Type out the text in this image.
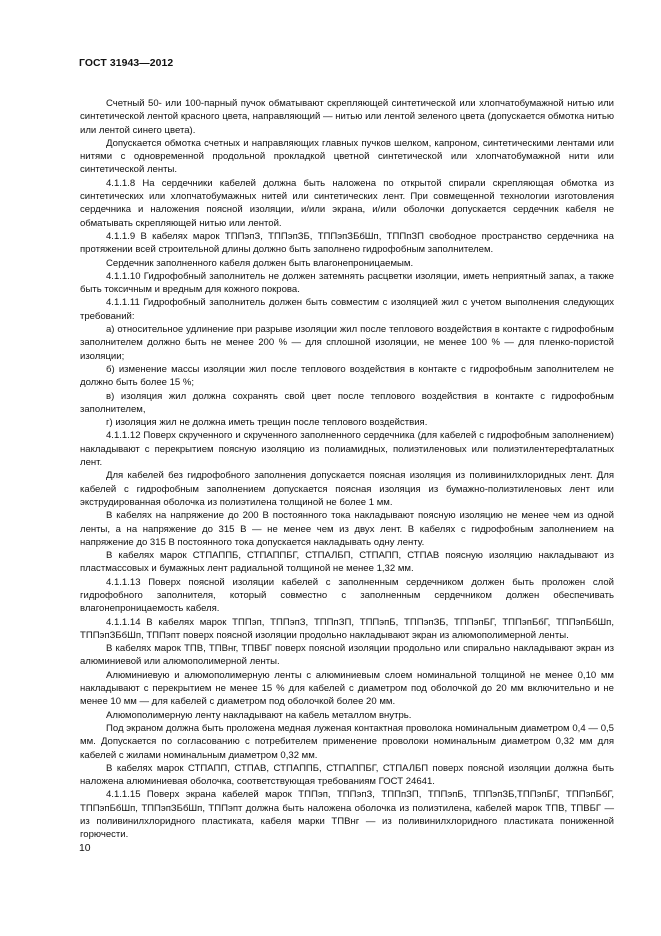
ГОСТ 31943—2012

Счетный 50- или 100-парный пучок обматывают скрепляющей синтетической или хлопчатобумажной нитью или синтетической лентой красного цвета, направляющий — нитью или лентой зеленого цвета (допускается обмотка нитью или лентой синего цвета).

Допускается обмотка счетных и направляющих главных пучков шелком, капроном, синтетическими лентами или нитями с одновременной продольной прокладкой цветной синтетической или хлопчатобумажной нити или синтетической ленты.

4.1.1.8 На сердечники кабелей должна быть наложена по открытой спирали скрепляющая обмотка из синтетических или хлопчатобумажных нитей или синтетических лент. При совмещенной технологии изготовления сердечника и наложения поясной изоляции, и/или экрана, и/или оболочки допускается сердечник кабеля не обматывать скрепляющей нитью или лентой.

4.1.1.9 В кабелях марок ТППэпЗ, ТППэпЗБ, ТППэпЗБбШп, ТППпЗП свободное пространство сердечника на протяжении всей строительной длины должно быть заполнено гидрофобным заполнителем.

Сердечник заполненного кабеля должен быть влагонепроницаемым.

4.1.1.10 Гидрофобный заполнитель не должен затемнять расцветки изоляции, иметь неприятный запах, а также быть токсичным и вредным для кожного покрова.

4.1.1.11 Гидрофобный заполнитель должен быть совместим с изоляцией жил с учетом выполнения следующих требований:

а) относительное удлинение при разрыве изоляции жил после теплового воздействия в контакте с гидрофобным заполнителем должно быть не менее 200 % — для сплошной изоляции, не менее 100 % — для пленко-пористой изоляции;

б) изменение массы изоляции жил после теплового воздействия в контакте с гидрофобным заполнителем не должно быть более 15 %;

в) изоляция жил должна сохранять свой цвет после теплового воздействия в контакте с гидрофобным заполнителем,

г) изоляция жил не должна иметь трещин после теплового воздействия.

4.1.1.12 Поверх скрученного и скрученного заполненного сердечника (для кабелей с гидрофобным заполнением) накладывают с перекрытием поясную изоляцию из полиамидных, полиэтиленовых или полиэтилентерефталатных лент.

Для кабелей без гидрофобного заполнения допускается поясная изоляция из поливинилхлоридных лент. Для кабелей с гидрофобным заполнением допускается поясная изоляция из бумажно-полиэтиленовых лент или экструдированная оболочка из полиэтилена толщиной не более 1 мм.

В кабелях на напряжение до 200 В постоянного тока накладывают поясную изоляцию не менее чем из одной ленты, а на напряжение до 315 В — не менее чем из двух лент. В кабелях с гидрофобным заполнением на напряжение до 315 В постоянного тока допускается накладывать одну ленту.

В кабелях марок СТПАППБ, СТПАППБГ, СТПАЛБП, СТПАПП, СТПАВ поясную изоляцию накладывают из пластмассовых и бумажных лент радиальной толщиной не менее 1,32 мм.

4.1.1.13 Поверх поясной изоляции кабелей с заполненным сердечником должен быть проложен слой гидрофобного заполнителя, который совместно с заполненным сердечником должен обеспечивать влагонепроницаемость кабеля.

4.1.1.14 В кабелях марок ТППэп, ТППэпЗ, ТППпЗП, ТППэпБ, ТППэпЗБ, ТППэпБГ, ТППэпБбГ, ТППэпБбШп, ТППэпЗБбШп, ТППэпт поверх поясной изоляции продольно накладывают экран из алюмополимерной ленты.

В кабелях марок ТПВ, ТПВнг, ТПВБГ поверх поясной изоляции продольно или спирально накладывают экран из алюминиевой или алюмополимерной ленты.

Алюминиевую и алюмополимерную ленты с алюминиевым слоем номинальной толщиной не менее 0,10 мм накладывают с перекрытием не менее 15 % для кабелей с диаметром под оболочкой до 20 мм включительно и не менее 10 мм — для кабелей с диаметром под оболочкой более 20 мм.

Алюмополимерную ленту накладывают на кабель металлом внутрь.

Под экраном должна быть проложена медная луженая контактная проволока номинальным диаметром 0,4 — 0,5 мм. Допускается по согласованию с потребителем применение проволоки номинальным диаметром 0,32 мм для кабелей с жилами номинальным диаметром 0,32 мм.

В кабелях марок СТПАПП, СТПАВ, СТПАППБ, СТПАППБГ, СТПАЛБП поверх поясной изоляции должна быть наложена алюминиевая оболочка, соответствующая требованиям ГОСТ 24641.

4.1.1.15 Поверх экрана кабелей марок ТППэп, ТППэпЗ, ТППпЗП, ТППэпБ, ТППэпЗБ,ТППэпБГ, ТППэпБбГ, ТППэпБбШп, ТППэпЗБбШп, ТППэпт должна быть наложена оболочка из полиэтилена, кабелей марок ТПВ, ТПВБГ — из поливинилхлоридного пластиката, кабеля марки ТПВнг — из поливинилхлоридного пластиката пониженной горючести.

10
